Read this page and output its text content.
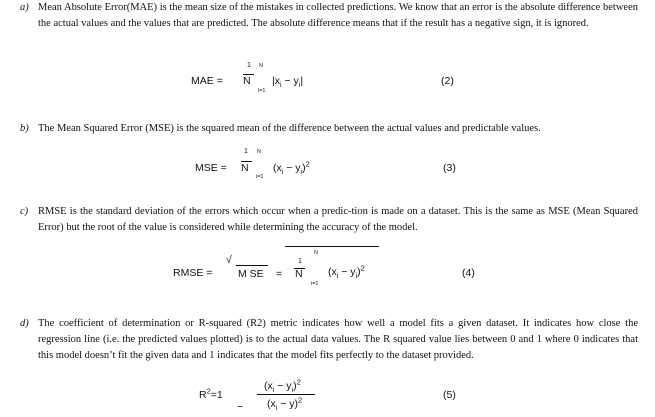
a) Mean Absolute Error(MAE) is the mean size of the mistakes in collected predictions. We know that an error is the absolute difference between the actual values and the values that are predicted. The absolute difference means that if the result has a negative sign, it is ignored.
MAE =
1 N
N
i=1
$|x_i - y_i|$	(2)
b) The Mean Squared Error (MSE) is the squared mean of the difference between the actual values and predictable values.
MSE =
1 N
N
i=1
$(x_i - y_i)^2$	(3)
c) RMSE is the standard deviation of the errors which occur when a predic-tion is made on a dataset. This is the same as MSE (Mean Squared Error) but the root of the value is considered while determining the accuracy of the model.
RMSE =
√
M SE =
N
1
N
i=1
$(x_i - y_i)^2$	(4)
d) The coefficient of determination or R-squared (R2) metric indicates how well a model fits a given dataset. It indicates how close the regression line (i.e. the predicted values plotted) is to the actual data values. The R squared value lies between 0 and 1 where 0 indicates that this model doesn’t fit the given data and 1 indicates that the model fits perfectly to the dataset provided.
$R^2=1$
−
$(x_i - y_i)^2$
$(x_i - y)^2$	(5)
